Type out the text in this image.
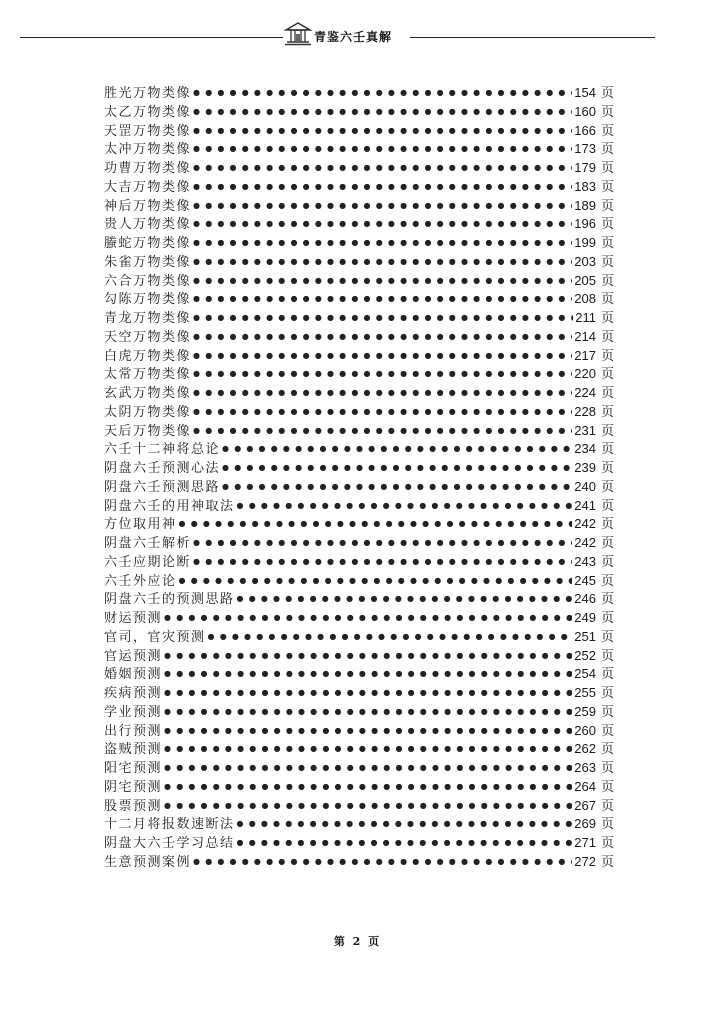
青鉴六壬真解
胜光万物类像 ●●●●●●●●●●●●●●●●●●●●●●●●●●●●●●●●●●●●●●●●●●●●●●●●●●●●●●●●●●●●●●●●●●●●●●	154 页
太乙万物类像 ●●●●●●●●●●●●●●●●●●●●●●●●●●●●●●●●●●●●●●●●●●●●●●●●●●●●●●●●●●●●●●●●●●●●●●	160 页
天罡万物类像 ●●●●●●●●●●●●●●●●●●●●●●●●●●●●●●●●●●●●●●●●●●●●●●●●●●●●●●●●●●●●●●●●●●●●●●	166 页
太冲万物类像 ●●●●●●●●●●●●●●●●●●●●●●●●●●●●●●●●●●●●●●●●●●●●●●●●●●●●●●●●●●●●●●●●●●●●●●	173 页
功曹万物类像 ●●●●●●●●●●●●●●●●●●●●●●●●●●●●●●●●●●●●●●●●●●●●●●●●●●●●●●●●●●●●●●●●●●●●●●	179 页
大吉万物类像 ●●●●●●●●●●●●●●●●●●●●●●●●●●●●●●●●●●●●●●●●●●●●●●●●●●●●●●●●●●●●●●●●●●●●●●	183 页
神后万物类像 ●●●●●●●●●●●●●●●●●●●●●●●●●●●●●●●●●●●●●●●●●●●●●●●●●●●●●●●●●●●●●●●●●●●●●●	189 页
贵人万物类像 ●●●●●●●●●●●●●●●●●●●●●●●●●●●●●●●●●●●●●●●●●●●●●●●●●●●●●●●●●●●●●●●●●●●●●●	196 页
螣蛇万物类像 ●●●●●●●●●●●●●●●●●●●●●●●●●●●●●●●●●●●●●●●●●●●●●●●●●●●●●●●●●●●●●●●●●●●●●●	199 页
朱雀万物类像 ●●●●●●●●●●●●●●●●●●●●●●●●●●●●●●●●●●●●●●●●●●●●●●●●●●●●●●●●●●●●●●●●●●●●●●	203 页
六合万物类像 ●●●●●●●●●●●●●●●●●●●●●●●●●●●●●●●●●●●●●●●●●●●●●●●●●●●●●●●●●●●●●●●●●●●●●●	205 页
勾陈万物类像 ●●●●●●●●●●●●●●●●●●●●●●●●●●●●●●●●●●●●●●●●●●●●●●●●●●●●●●●●●●●●●●●●●●●●●●	208 页
青龙万物类像 ●●●●●●●●●●●●●●●●●●●●●●●●●●●●●●●●●●●●●●●●●●●●●●●●●●●●●●●●●●●●●●●●●●●●●●	211 页
天空万物类像 ●●●●●●●●●●●●●●●●●●●●●●●●●●●●●●●●●●●●●●●●●●●●●●●●●●●●●●●●●●●●●●●●●●●●●●	214 页
白虎万物类像 ●●●●●●●●●●●●●●●●●●●●●●●●●●●●●●●●●●●●●●●●●●●●●●●●●●●●●●●●●●●●●●●●●●●●●●	217 页
太常万物类像 ●●●●●●●●●●●●●●●●●●●●●●●●●●●●●●●●●●●●●●●●●●●●●●●●●●●●●●●●●●●●●●●●●●●●●●	220 页
玄武万物类像 ●●●●●●●●●●●●●●●●●●●●●●●●●●●●●●●●●●●●●●●●●●●●●●●●●●●●●●●●●●●●●●●●●●●●●●	224 页
太阴万物类像 ●●●●●●●●●●●●●●●●●●●●●●●●●●●●●●●●●●●●●●●●●●●●●●●●●●●●●●●●●●●●●●●●●●●●●●	228 页
天后万物类像 ●●●●●●●●●●●●●●●●●●●●●●●●●●●●●●●●●●●●●●●●●●●●●●●●●●●●●●●●●●●●●●●●●●●●●●	231 页
六壬十二神将总论 ●●●●●●●●●●●●●●●●●●●●●●●●●●●●●●●●●●●●●●●●●●●●●●●●●●●●●●●●●●●●●●●●●●●●●●	234 页
阴盘六壬预测心法 ●●●●●●●●●●●●●●●●●●●●●●●●●●●●●●●●●●●●●●●●●●●●●●●●●●●●●●●●●●●●●●●●●●●●●●	239 页
阴盘六壬预测思路 ●●●●●●●●●●●●●●●●●●●●●●●●●●●●●●●●●●●●●●●●●●●●●●●●●●●●●●●●●●●●●●●●●●●●●●	240 页
阴盘六壬的用神取法 ●●●●●●●●●●●●●●●●●●●●●●●●●●●●●●●●●●●●●●●●●●●●●●●●●●●●●●●●●●●●●●●●●●●●●●	241 页
方位取用神 ●●●●●●●●●●●●●●●●●●●●●●●●●●●●●●●●●●●●●●●●●●●●●●●●●●●●●●●●●●●●●●●●●●●●●●	242 页
阴盘六壬解析 ●●●●●●●●●●●●●●●●●●●●●●●●●●●●●●●●●●●●●●●●●●●●●●●●●●●●●●●●●●●●●●●●●●●●●●	242 页
六壬应期论断 ●●●●●●●●●●●●●●●●●●●●●●●●●●●●●●●●●●●●●●●●●●●●●●●●●●●●●●●●●●●●●●●●●●●●●●	243 页
六壬外应论 ●●●●●●●●●●●●●●●●●●●●●●●●●●●●●●●●●●●●●●●●●●●●●●●●●●●●●●●●●●●●●●●●●●●●●●	245 页
阴盘六壬的预测思路 ●●●●●●●●●●●●●●●●●●●●●●●●●●●●●●●●●●●●●●●●●●●●●●●●●●●●●●●●●●●●●●●●●●●●●●	246 页
财运预测 ●●●●●●●●●●●●●●●●●●●●●●●●●●●●●●●●●●●●●●●●●●●●●●●●●●●●●●●●●●●●●●●●●●●●●●	249 页
官司，官灾预测 ●●●●●●●●●●●●●●●●●●●●●●●●●●●●●●●●●●●●●●●●●●●●●●●●●●●●●●●●●●●●●●●●●●●●●●	251 页
官运预测 ●●●●●●●●●●●●●●●●●●●●●●●●●●●●●●●●●●●●●●●●●●●●●●●●●●●●●●●●●●●●●●●●●●●●●●	252 页
婚姻预测 ●●●●●●●●●●●●●●●●●●●●●●●●●●●●●●●●●●●●●●●●●●●●●●●●●●●●●●●●●●●●●●●●●●●●●●	254 页
疾病预测 ●●●●●●●●●●●●●●●●●●●●●●●●●●●●●●●●●●●●●●●●●●●●●●●●●●●●●●●●●●●●●●●●●●●●●●	255 页
学业预测 ●●●●●●●●●●●●●●●●●●●●●●●●●●●●●●●●●●●●●●●●●●●●●●●●●●●●●●●●●●●●●●●●●●●●●●	259 页
出行预测 ●●●●●●●●●●●●●●●●●●●●●●●●●●●●●●●●●●●●●●●●●●●●●●●●●●●●●●●●●●●●●●●●●●●●●●	260 页
盗贼预测 ●●●●●●●●●●●●●●●●●●●●●●●●●●●●●●●●●●●●●●●●●●●●●●●●●●●●●●●●●●●●●●●●●●●●●●	262 页
阳宅预测 ●●●●●●●●●●●●●●●●●●●●●●●●●●●●●●●●●●●●●●●●●●●●●●●●●●●●●●●●●●●●●●●●●●●●●●	263 页
阴宅预测 ●●●●●●●●●●●●●●●●●●●●●●●●●●●●●●●●●●●●●●●●●●●●●●●●●●●●●●●●●●●●●●●●●●●●●●	264 页
股票预测 ●●●●●●●●●●●●●●●●●●●●●●●●●●●●●●●●●●●●●●●●●●●●●●●●●●●●●●●●●●●●●●●●●●●●●●	267 页
十二月将报数速断法 ●●●●●●●●●●●●●●●●●●●●●●●●●●●●●●●●●●●●●●●●●●●●●●●●●●●●●●●●●●●●●●●●●●●●●●	269 页
阴盘大六壬学习总结 ●●●●●●●●●●●●●●●●●●●●●●●●●●●●●●●●●●●●●●●●●●●●●●●●●●●●●●●●●●●●●●●●●●●●●●	271 页
生意预测案例 ●●●●●●●●●●●●●●●●●●●●●●●●●●●●●●●●●●●●●●●●●●●●●●●●●●●●●●●●●●●●●●●●●●●●●●	272 页
第 2 页
